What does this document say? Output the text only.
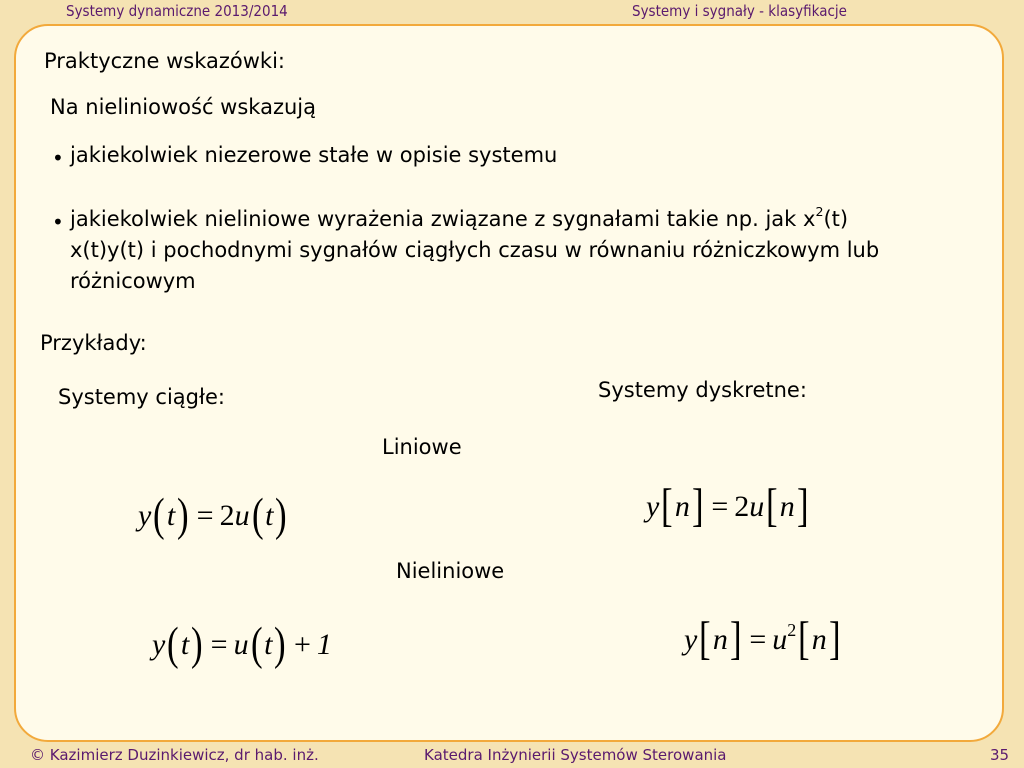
Systemy dynamiczne 2013/2014	Systemy i sygnały - klasyfikacje
Praktyczne wskazówki:
Na nieliniowość wskazują
• jakiekolwiek niezerowe stałe w opisie systemu
• jakiekolwiek nieliniowe wyrażenia związane z sygnałami takie np. jak $x^2(t)$
x(t)y(t) i pochodnymi sygnałów ciągłych czasu w równaniu różniczkowym lub
różnicowym
Przykłady:
Systemy ciągłe:	Systemy dyskretne:
Liniowe
Nieliniowe
y ( t ) = 2 u ( t )	y [ n ] = 2 u [ n ]
y ( t ) = u ( t ) + 1	y [ n ] = $u^2$ [ n ]
© Kazimierz Duzinkiewicz, dr hab. inż.	Katedra Inżynierii Systemów Sterowania	35
